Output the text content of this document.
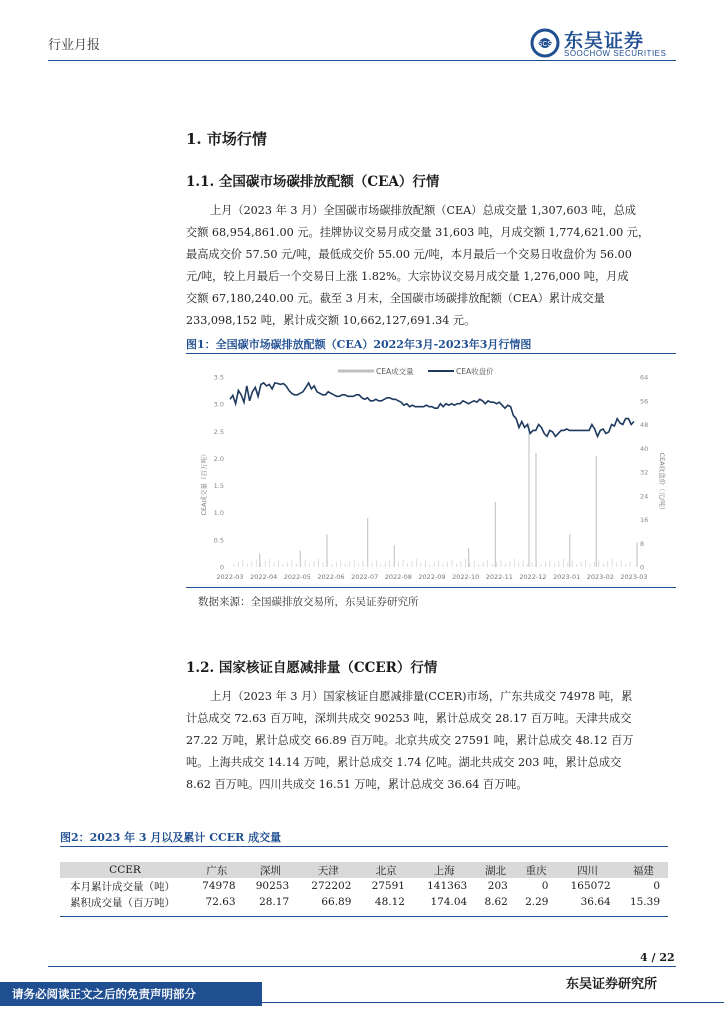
行业月报	SCS 东吴证券
SOOCHOW SECURITIES
1. 市场行情
1.1. 全国碳市场碳排放配额（CEA）行情
上月（2023 年 3 月）全国碳市场碳排放配额（CEA）总成交量 1,307,603 吨，总成
交额 68,954,861.00 元。挂牌协议交易月成交量 31,603 吨，月成交额 1,774,621.00 元，
最高成交价 57.50 元/吨，最低成交价 55.00 元/吨，本月最后一个交易日收盘价为 56.00
元/吨，较上月最后一个交易日上涨 1.82%。大宗协议交易月成交量 1,276,000 吨，月成
交额 67,180,240.00 元。截至 3 月末，全国碳市场碳排放配额（CEA）累计成交量
233,098,152 吨，累计成交额 10,662,127,691.34 元。
图1：全国碳市场碳排放配额（CEA）2022年3月-2023年3月行情图
CEA成交量	CEA收盘价
CEA成交量（百万吨）	CEA收盘价（元/吨）
3.5
3.0
2.5
2.0
1.5
1.0
0.5
0
64
56
48
40
32
24
16
8
0
2022-03 2022-04 2022-05 2022-06 2022-07 2022-08 2022-09 2022-10 2022-11 2022-12 2023-01 2023-02 2023-03
数据来源：全国碳排放交易所，东吴证券研究所
1.2. 国家核证自愿减排量（CCER）行情
上月（2023 年 3 月）国家核证自愿减排量(CCER)市场，广东共成交 74978 吨，累
计总成交 72.63 百万吨，深圳共成交 90253 吨，累计总成交 28.17 百万吨。天津共成交
27.22 万吨，累计总成交 66.89 百万吨。北京共成交 27591 吨，累计总成交 48.12 百万
吨。上海共成交 14.14 万吨，累计总成交 1.74 亿吨。湖北共成交 203 吨，累计总成交
8.62 百万吨。四川共成交 16.51 万吨，累计总成交 36.64 百万吨。
图2：2023 年 3 月以及累计 CCER 成交量
CCER	广东	深圳	天津	北京	上海	湖北	重庆	四川	福建
本月累计成交量（吨）	74978	90253	272202	27591	141363	203	0	165072	0
累积成交量（百万吨）	72.63	28.17	66.89	48.12	174.04	8.62	2.29	36.64	15.39
4 / 22
请务必阅读正文之后的免责声明部分
东吴证券研究所
